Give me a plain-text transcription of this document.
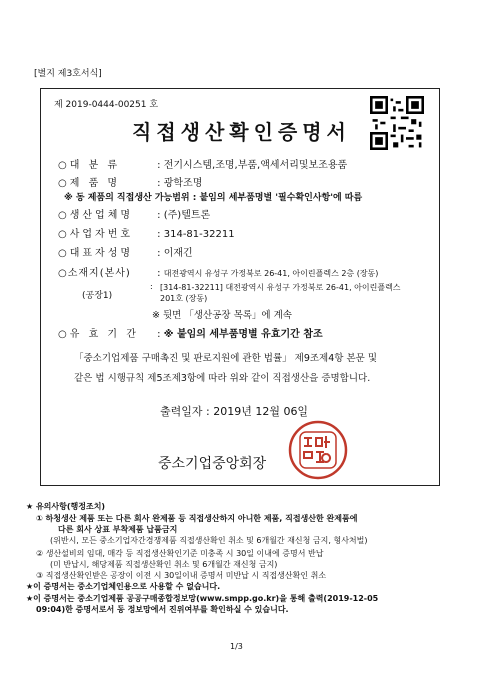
[별지 제3호서식]
제 2019-0444-00251 호
직접생산확인증명서
○대 분 류	: 전기시스템,조명,부품,액세서리및보조용품
○제 품 명	: 광학조명
※ 동 제품의 직접생산 가능범위 : 붙임의 세부품명별 '필수확인사항'에 따름
○생산업체명 : (주)텔트론
○사업자번호 : 314-81-32211
○대표자성명 : 이재긴
○소재지(본사) : 대전광역시 유성구 가정북로 26-41, 아이린플렉스 2층 (장동)
(공장1)
: [314-81-32211] 대전광역시 유성구 가정북로 26-41, 아이린플렉스
201호 (장동)
※ 뒷면 「생산공장 목록」에 계속
○유 효 기 간 : ※ 붙임의 세부품명별 유효기간 참조
「중소기업제품 구매촉진 및 판로지원에 관한 법률」 제9조제4항 본문 및
같은 법 시행규칙 제5조제3항에 따라 위와 같이 직접생산을 증명합니다.
출력일자 : 2019년 12월 06일
중소기업중앙회장
★ 유의사항(행정조치)
① 하청생산 제품 또는 다른 회사 완제품 등 직접생산하지 아니한 제품, 직접생산한 완제품에
다른 회사 상표 부착제품 납품금지
(위반시, 모든 중소기업자간경쟁제품 직접생산확인 취소 및 6개월간 재신청 금지, 형사처벌)
② 생산설비의 임대, 매각 등 직접생산확인기준 미충족 시 30일 이내에 증명서 반납
(미 반납시, 해당제품 직접생산확인 취소 및 6개월간 재신청 금지)
③ 직접생산확인받은 공장이 이전 시 30일이내 증명서 미반납 시 직접생산확인 취소
★이 증명서는 중소기업체인용으로 사용할 수 없습니다.
★이 증명서는 중소기업제품 공공구매종합정보망(www.smpp.go.kr)을 통해 출력(2019-12-05
09:04)한 증명서로서 동 정보망에서 진위여부를 확인하실 수 있습니다.
1/3
